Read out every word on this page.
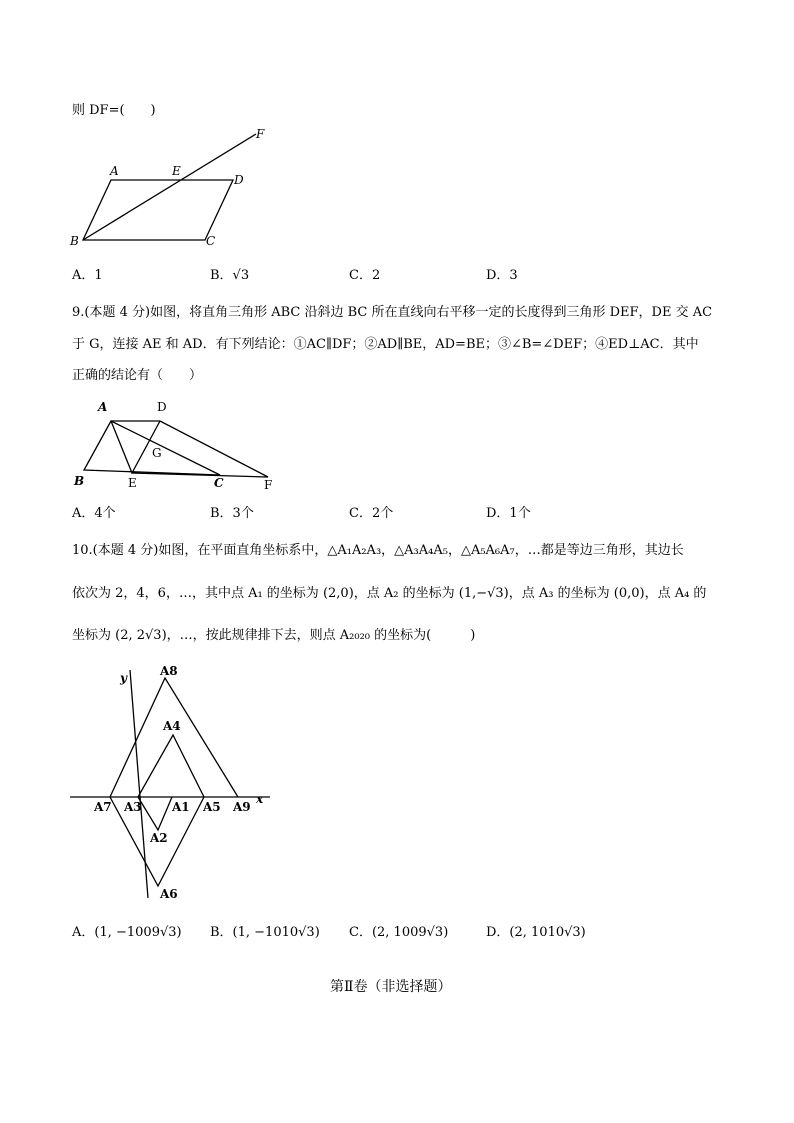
则 DF=(　　)
A	E
D
F
B	C
A．1	B．√3	C．2	D．3
9.(本题 4 分)如图，将直角三角形 ABC 沿斜边 BC 所在直线向右平移一定的长度得到三角形 DEF，DE 交 AC
于 G，连接 AE 和 AD．有下列结论：①AC∥DF；②AD∥BE，AD=BE；③∠B=∠DEF；④ED⊥AC．其中
正确的结论有（　　）
A	D
G
B	E	C	F
A．4个	B．3个	C．2个	D．1个
10.(本题 4 分)如图，在平面直角坐标系中，△A₁A₂A₃，△A₃A₄A₅，△A₅A₆A₇，…都是等边三角形，其边长
依次为 2，4，6，…，其中点 A₁ 的坐标为 (2,0)，点 A₂ 的坐标为 (1,−√3)，点 A₃ 的坐标为 (0,0)，点 A₄ 的
坐标为 (2, 2√3)，…，按此规律排下去，则点 A₂₀₂₀ 的坐标为(　　　)
y	A8
A4
A7 A3	A1 A5 A9
x
A2
A6
A．(1, −1009√3) B．(1, −1010√3) C．(2, 1009√3)	D．(2, 1010√3)
第Ⅱ卷（非选择题）
